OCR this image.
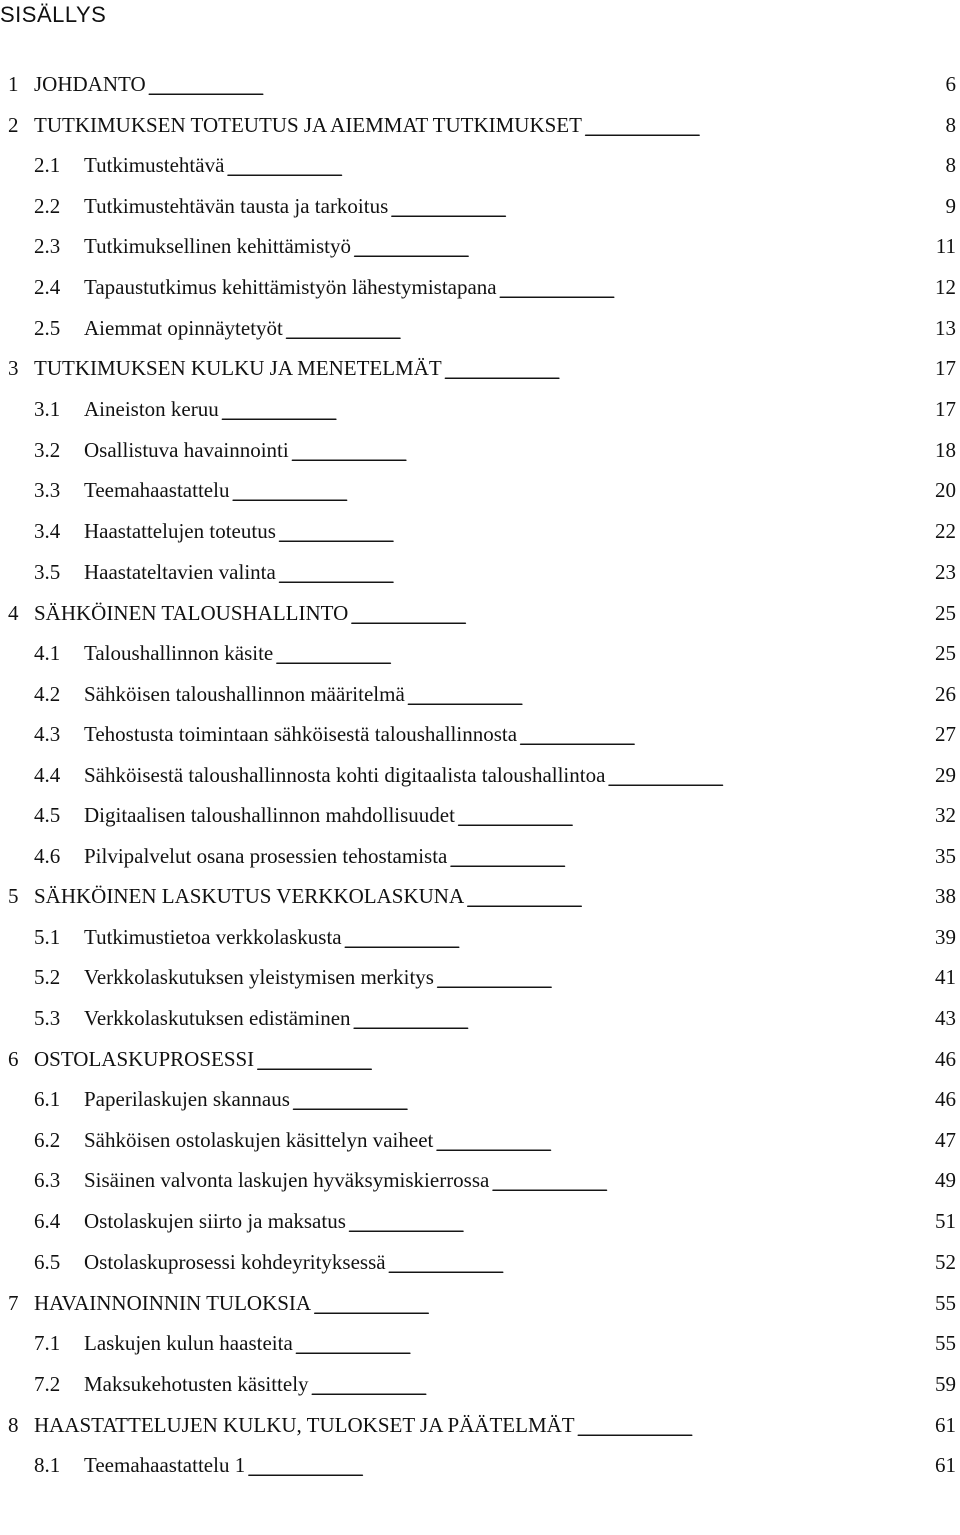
SISÄLLYS
1 JOHDANTO . . .	6
2 TUTKIMUKSEN TOTEUTUS JA AIEMMAT TUTKIMUKSET . . .	8
2.1	Tutkimustehtävä . . .	8
2.2	Tutkimustehtävän tausta ja tarkoitus . . .	9
2.3	Tutkimuksellinen kehittämistyö . . .	11
2.4	Tapaustutkimus kehittämistyön lähestymistapana . . .	12
2.5	Aiemmat opinnäytetyöt . . .	13
3 TUTKIMUKSEN KULKU JA MENETELMÄT . . .	17
3.1	Aineiston keruu . . .	17
3.2	Osallistuva havainnointi . . .	18
3.3	Teemahaastattelu . . .	20
3.4	Haastattelujen toteutus . . .	22
3.5	Haastateltavien valinta . . .	23
4 SÄHKÖINEN TALOUSHALLINTO . . .	25
4.1	Taloushallinnon käsite . . .	25
4.2	Sähköisen taloushallinnon määritelmä . . .	26
4.3	Tehostusta toimintaan sähköisestä taloushallinnosta . . .	27
4.4	Sähköisestä taloushallinnosta kohti digitaalista taloushallintoa . . .	29
4.5	Digitaalisen taloushallinnon mahdollisuudet . . .	32
4.6	Pilvipalvelut osana prosessien tehostamista . . .	35
5 SÄHKÖINEN LASKUTUS VERKKOLASKUNA . . .	38
5.1	Tutkimustietoa verkkolaskusta . . .	39
5.2	Verkkolaskutuksen yleistymisen merkitys . . .	41
5.3	Verkkolaskutuksen edistäminen . . .	43
6 OSTOLASKUPROSESSI . . .	46
6.1	Paperilaskujen skannaus . . .	46
6.2	Sähköisen ostolaskujen käsittelyn vaiheet . . .	47
6.3	Sisäinen valvonta laskujen hyväksymiskierrossa . . .	49
6.4	Ostolaskujen siirto ja maksatus . . .	51
6.5	Ostolaskuprosessi kohdeyrityksessä . . .	52
7 HAVAINNOINNIN TULOKSIA . . .	55
7.1	Laskujen kulun haasteita . . .	55
7.2	Maksukehotusten käsittely . . .	59
8 HAASTATTELUJEN KULKU, TULOKSET JA PÄÄTELMÄT . . .	61
8.1	Teemahaastattelu 1 . . .	61
